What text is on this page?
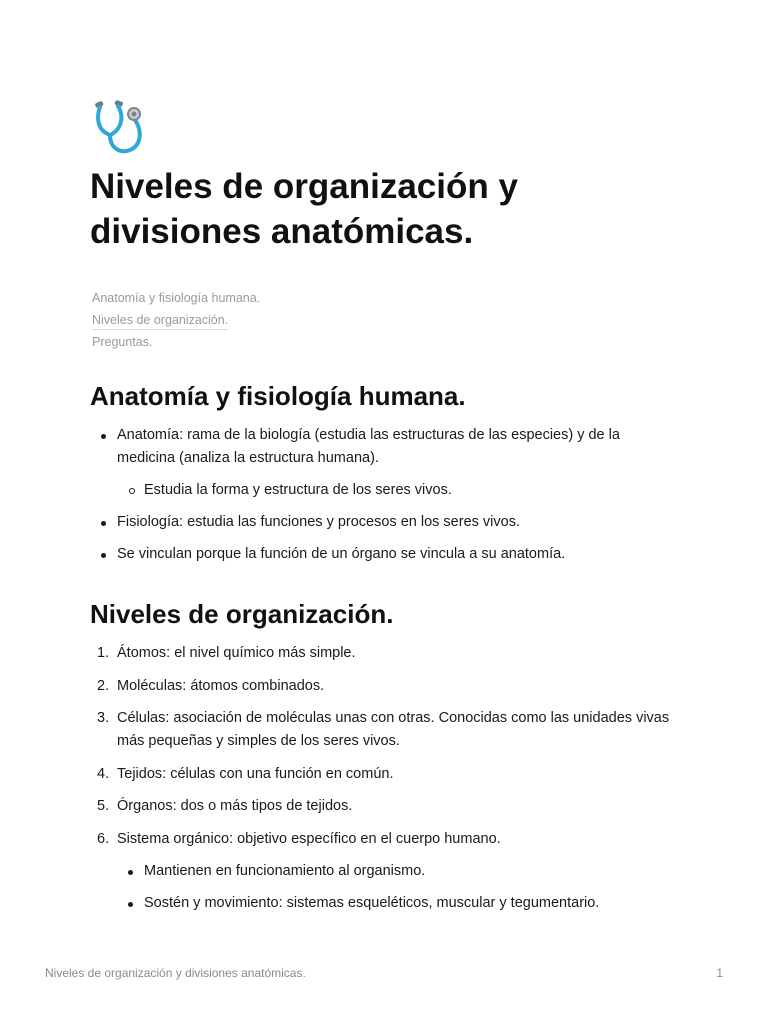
Niveles de organización y divisiones anatómicas.
Anatomía y fisiología humana.
Niveles de organización.
Preguntas.
Anatomía y fisiología humana.
Anatomía: rama de la biología (estudia las estructuras de las especies) y de la medicina (analiza la estructura humana).
Estudia la forma y estructura de los seres vivos.
Fisiología: estudia las funciones y procesos en los seres vivos.
Se vinculan porque la función de un órgano se vincula a su anatomía.
Niveles de organización.
1. Átomos: el nivel químico más simple.
2. Moléculas: átomos combinados.
3. Células: asociación de moléculas unas con otras. Conocidas como las unidades vivas más pequeñas y simples de los seres vivos.
4. Tejidos: células con una función en común.
5. Órganos: dos o más tipos de tejidos.
6. Sistema orgánico: objetivo específico en el cuerpo humano.
Mantienen en funcionamiento al organismo.
Sostén y movimiento: sistemas esqueléticos, muscular y tegumentario.
Niveles de organización y divisiones anatómicas.	1
